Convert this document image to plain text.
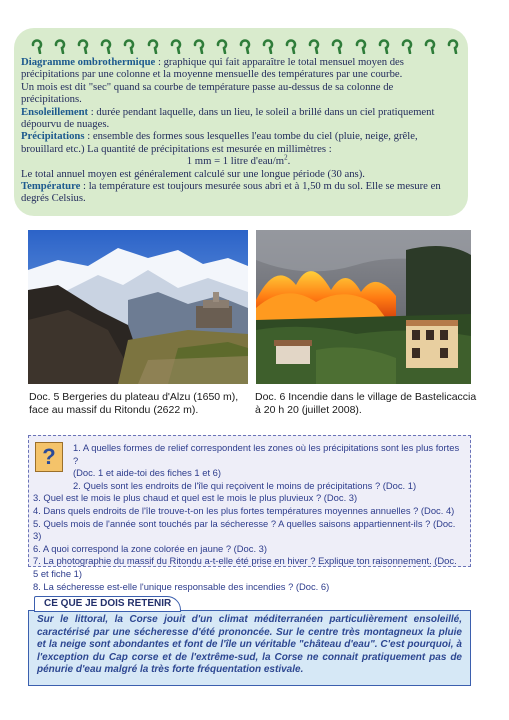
Diagramme ombrothermique : graphique qui fait apparaître le total mensuel moyen des précipitations par une colonne et la moyenne mensuelle des températures par une courbe.

Un mois est dit "sec" quand sa courbe de température passe au-dessus de sa colonne de précipitations.

Ensoleillement : durée pendant laquelle, dans un lieu, le soleil a brillé dans un ciel pratiquement dépourvu de nuages.

Précipitations : ensemble des formes sous lesquelles l'eau tombe du ciel (pluie, neige, grêle, brouillard etc.) La quantité de précipitations est mesurée en millimètres :

1 mm = 1 litre $d'eau/m^2$.

Le total annuel moyen est généralement calculé sur une longue période (30 ans).

Température : la température est toujours mesurée sous abri et à 1,50 m du sol. Elle se mesure en degrés Celsius.

Doc. 5 Bergeries du plateau d'Alzu (1650 m), face au massif du Ritondu (2622 m).
Doc. 6 Incendie dans le village de Bastelicaccia à 20 h 20 (juillet 2008).
?	1. A quelles formes de relief correspondent les zones où les précipitations sont les plus fortes ?

(Doc. 1 et aide-toi des fiches 1 et 6)

2. Quels sont les endroits de l'île qui reçoivent le moins de précipitations ? (Doc. 1)

3. Quel est le mois le plus chaud et quel est le mois le plus pluvieux ? (Doc. 3)

4. Dans quels endroits de l'île trouve-t-on les plus fortes températures moyennes annuelles ? (Doc. 4)

5. Quels mois de l'année sont touchés par la sécheresse ? A quelles saisons appartiennent-ils ? (Doc. 3)

6. A quoi correspond la zone colorée en jaune ? (Doc. 3)

7. La photographie du massif du Ritondu a-t-elle été prise en hiver ? Explique ton raisonnement. (Doc. 5 et fiche 1)

8. La sécheresse est-elle l'unique responsable des incendies ? (Doc. 6)

CE QUE JE DOIS RETENIR

Sur le littoral, la Corse jouit d'un climat méditerranéen particulièrement ensoleillé, caractérisé par une sécheresse d'été prononcée. Sur le centre très montagneux la pluie et la neige sont abondantes et font de l'île un véritable "château d'eau". C'est pourquoi, à l'exception du Cap corse et de l'extrême-sud, la Corse ne connait pratiquement pas de pénurie d'eau malgré la très forte fréquentation estivale.
